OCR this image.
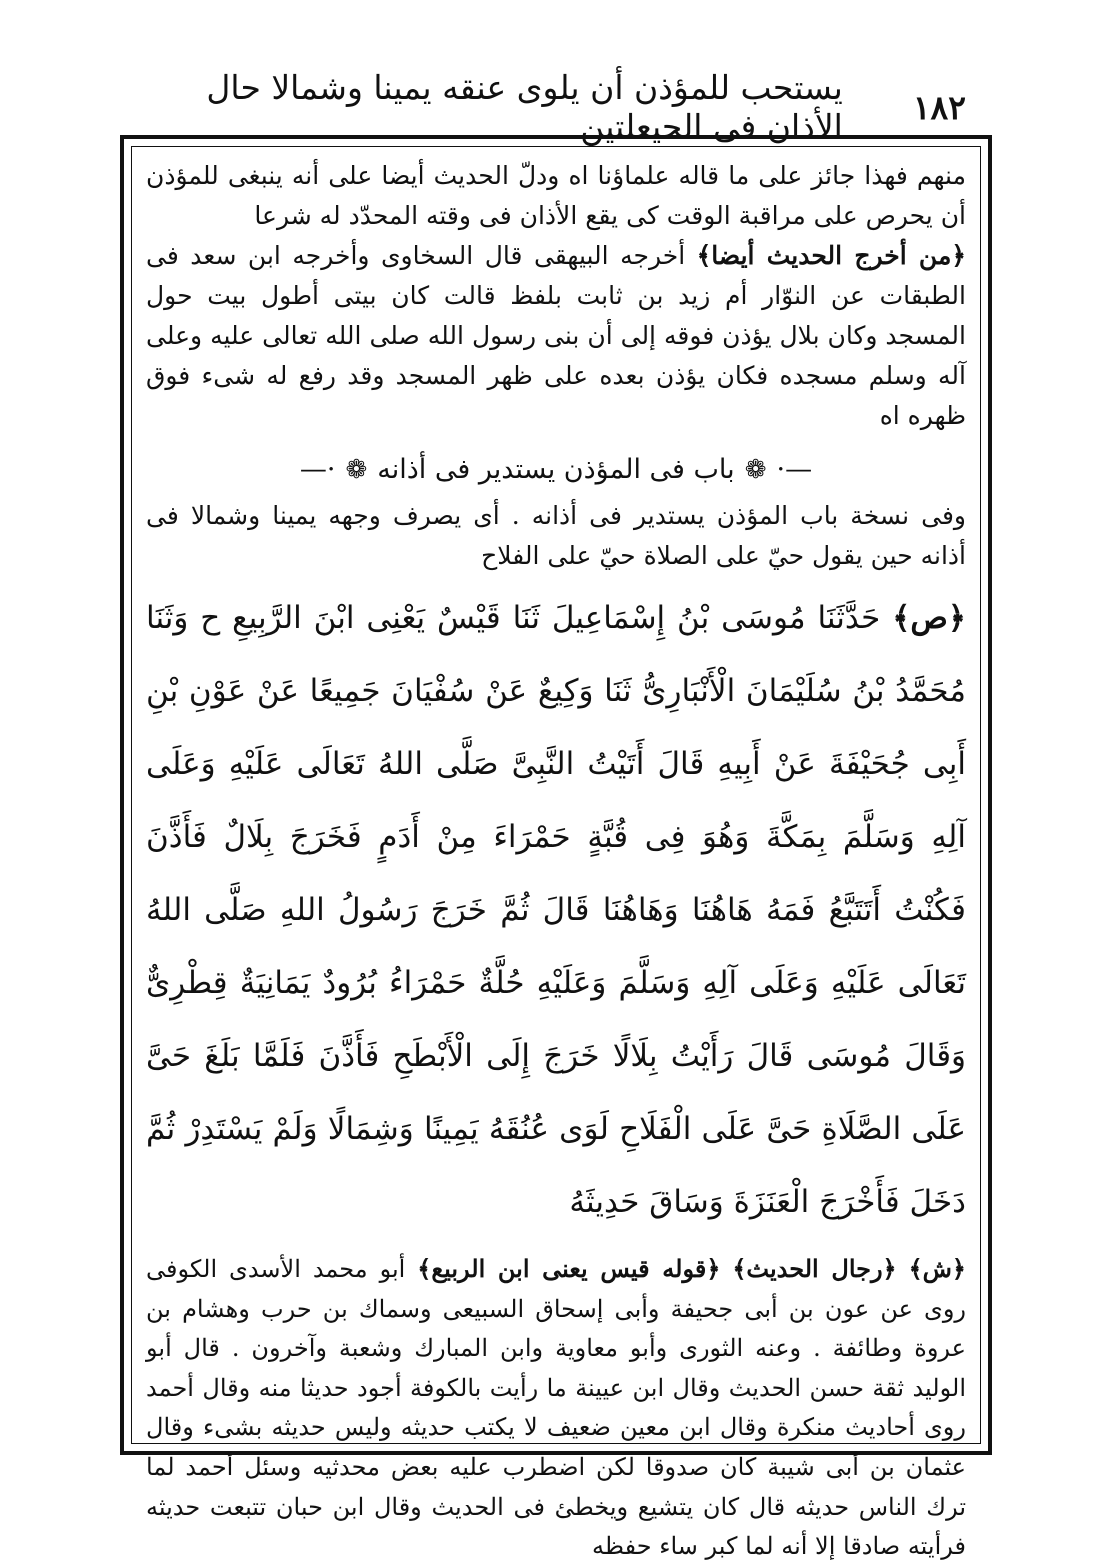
١٨٢
يستحب للمؤذن أن يلوى عنقه يمينا وشمالا حال الأذان فى الحيعلتين

منهم فهذا جائز على ما قاله علماؤنا اه ودلّ الحديث أيضا على أنه ينبغى للمؤذن أن يحرص على مراقبة الوقت كى يقع الأذان فى وقته المحدّد له شرعا

﴿من أخرج الحديث أيضا﴾ أخرجه البيهقى قال السخاوى وأخرجه ابن سعد فى الطبقات عن النوّار أم زيد بن ثابت بلفظ قالت كان بيتى أطول بيت حول المسجد وكان بلال يؤذن فوقه إلى أن بنى رسول الله صلى الله تعالى عليه وعلى آله وسلم مسجده فكان يؤذن بعده على ظهر المسجد وقد رفع له شىء فوق ظهره اه

—·❁باب فى المؤذن يستدير فى أذانه❁·—

وفى نسخة باب المؤذن يستدير فى أذانه . أى يصرف وجهه يمينا وشمالا فى أذانه حين يقول حيّ على الصلاة حيّ على الفلاح

﴿ص﴾ حَدَّثَنَا مُوسَى بْنُ إِسْمَاعِيلَ ثَنَا قَيْسٌ يَعْنِى ابْنَ الرَّبِيعِ ح وَثَنَا مُحَمَّدُ بْنُ سُلَيْمَانَ الْأَنْبَارِىُّ ثَنَا وَكِيعٌ عَنْ سُفْيَانَ جَمِيعًا عَنْ عَوْنِ بْنِ أَبِى جُحَيْفَةَ عَنْ أَبِيهِ قَالَ أَتَيْتُ النَّبِىَّ صَلَّى اللهُ تَعَالَى عَلَيْهِ وَعَلَى آلِهِ وَسَلَّمَ بِمَكَّةَ وَهُوَ فِى قُبَّةٍ حَمْرَاءَ مِنْ أَدَمٍ فَخَرَجَ بِلَالٌ فَأَذَّنَ فَكُنْتُ أَتَتَبَّعُ فَمَهُ هَاهُنَا وَهَاهُنَا قَالَ ثُمَّ خَرَجَ رَسُولُ اللهِ صَلَّى اللهُ تَعَالَى عَلَيْهِ وَعَلَى آلِهِ وَسَلَّمَ وَعَلَيْهِ حُلَّةٌ حَمْرَاءُ بُرُودٌ يَمَانِيَةٌ قِطْرِىٌّ وَقَالَ مُوسَى قَالَ رَأَيْتُ بِلَالًا خَرَجَ إِلَى الْأَبْطَحِ فَأَذَّنَ فَلَمَّا بَلَغَ حَىَّ عَلَى الصَّلَاةِ حَىَّ عَلَى الْفَلَاحِ لَوَى عُنُقَهُ يَمِينًا وَشِمَالًا وَلَمْ يَسْتَدِرْ ثُمَّ دَخَلَ فَأَخْرَجَ الْعَنَزَةَ وَسَاقَ حَدِيثَهُ

﴿ش﴾ ﴿رجال الحديث﴾ ﴿قوله قيس يعنى ابن الربيع﴾ أبو محمد الأسدى الكوفى روى عن عون بن أبى جحيفة وأبى إسحاق السبيعى وسماك بن حرب وهشام بن عروة وطائفة . وعنه الثورى وأبو معاوية وابن المبارك وشعبة وآخرون . قال أبو الوليد ثقة حسن الحديث وقال ابن عيينة ما رأيت بالكوفة أجود حديثا منه وقال أحمد روى أحاديث منكرة وقال ابن معين ضعيف لا يكتب حديثه وليس حديثه بشىء وقال عثمان بن أبى شيبة كان صدوقا لكن اضطرب عليه بعض محدثيه وسئل أحمد لما ترك الناس حديثه قال كان يتشيع ويخطئ فى الحديث وقال ابن حبان تتبعت حديثه فرأيته صادقا إلا أنه لما كبر ساء حفظه
